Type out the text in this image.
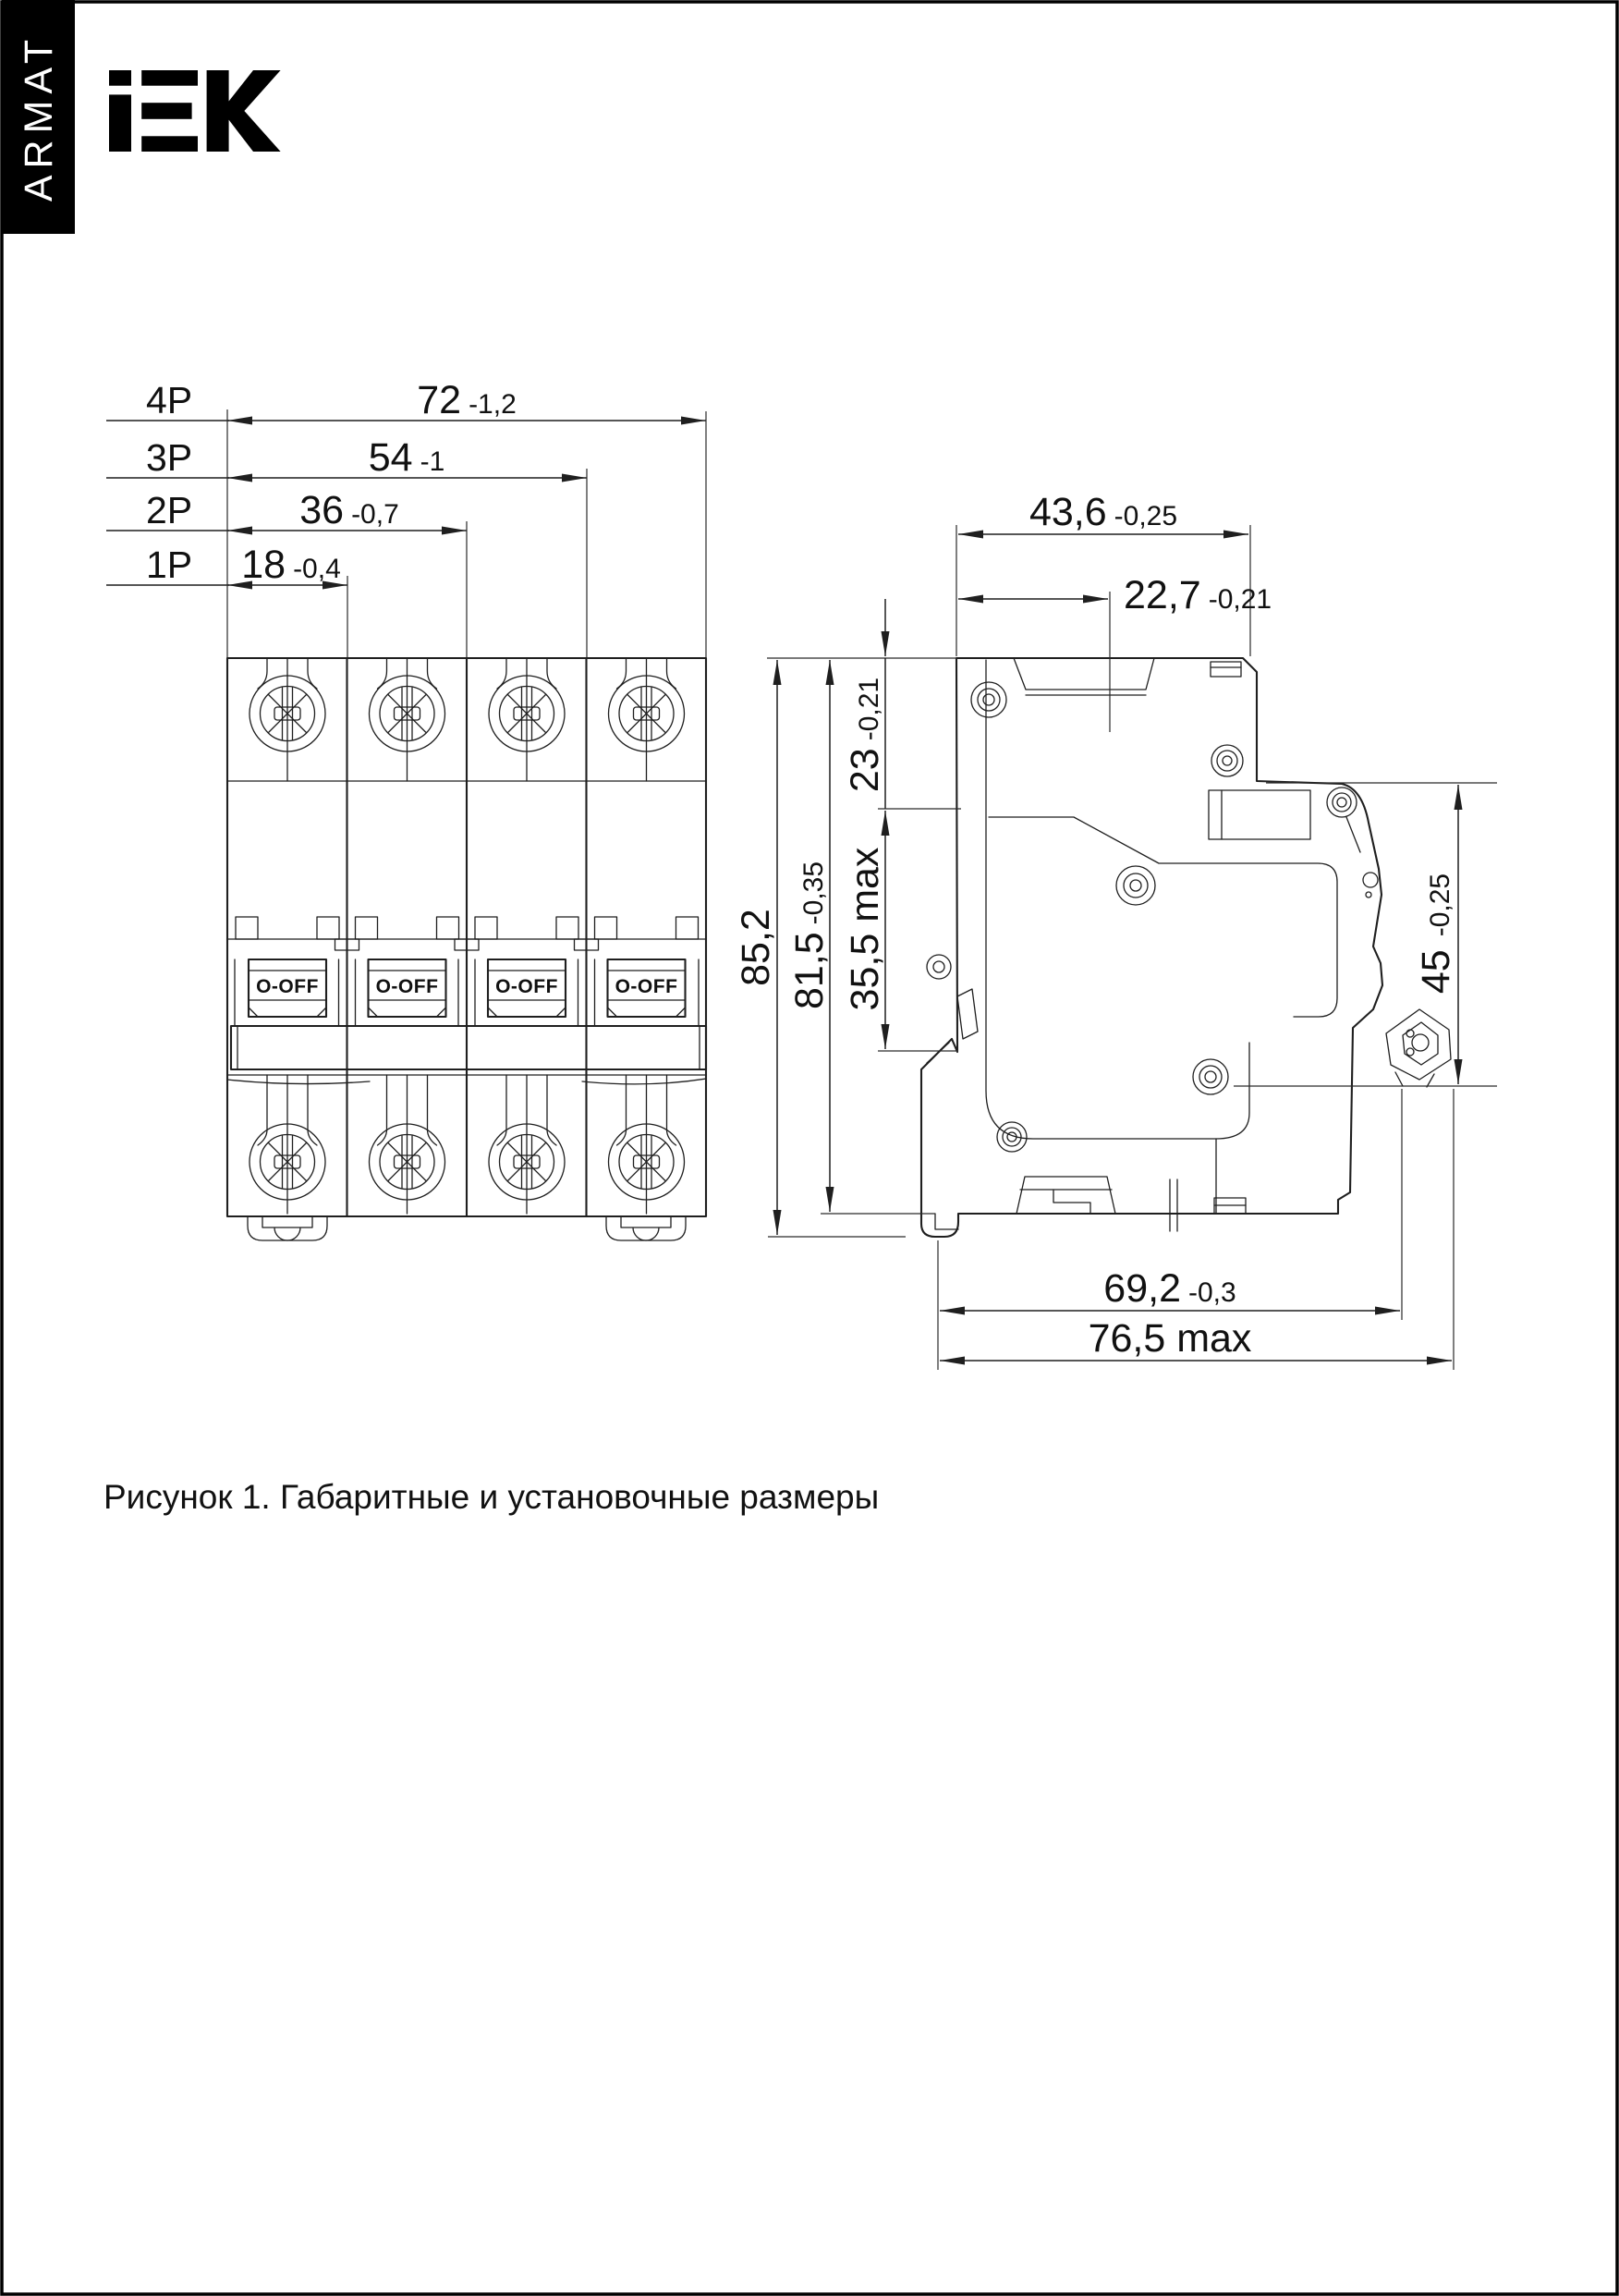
ARMAT
4P	72 -1,2
3P	54 -1
2P	36 -0,7
1P 18 -0,4
O-OFF	O-OFF	O-OFF	O-OFF
43,6 -0,25
22,7 -0,21
85,2 81,5-0,35
23-0,21
35,5 max	45-0,25
69,2 -0,3
76,5 max
Рисунок 1. Габаритные и установочные размеры
